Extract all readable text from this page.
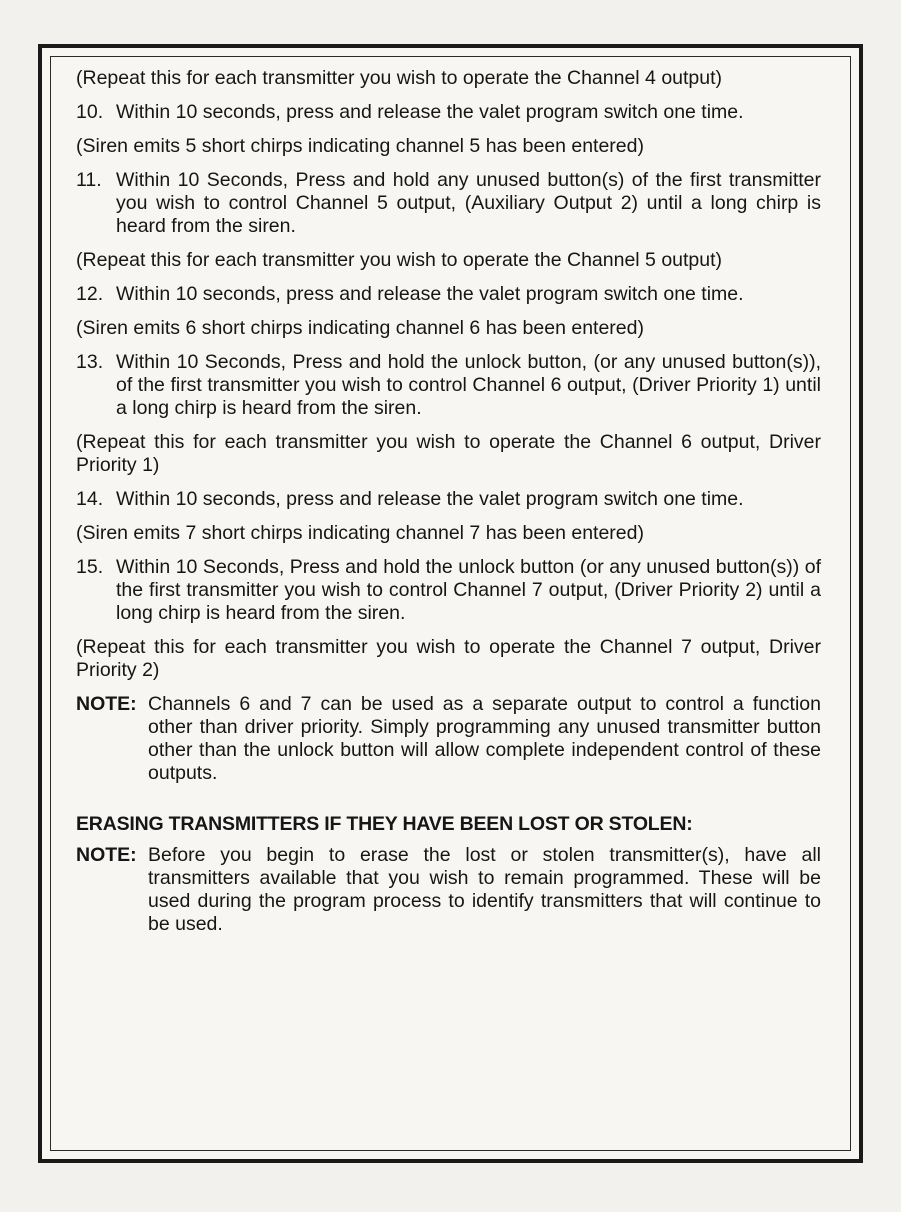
(Repeat this for each transmitter you wish to operate the Channel 4 output)
10. Within 10 seconds, press and release the valet program switch one time.
(Siren emits 5 short chirps indicating channel 5 has been entered)
11. Within 10 Seconds, Press and hold any unused button(s) of the first transmitter you wish to control Channel 5 output, (Auxiliary Output 2) until a long chirp is heard from the siren.
(Repeat this for each transmitter you wish to operate the Channel 5 output)
12. Within 10 seconds, press and release the valet program switch one time.
(Siren emits 6 short chirps indicating channel 6 has been entered)
13. Within 10 Seconds, Press and hold the unlock button, (or any unused button(s)), of the first transmitter you wish to control Channel 6 output, (Driver Priority 1) until a long chirp is heard from the siren.
(Repeat this for each transmitter you wish to operate the Channel 6 output, Driver Priority 1)
14. Within 10 seconds, press and release the valet program switch one time.
(Siren emits 7 short chirps indicating channel 7 has been entered)
15. Within 10 Seconds, Press and hold the unlock button (or any unused button(s)) of the first transmitter you wish to control Channel 7 output, (Driver Priority 2) until a long chirp is heard from the siren.
(Repeat this for each transmitter you wish to operate the Channel 7 output, Driver Priority 2)
NOTE: Channels 6 and 7 can be used as a separate output to control a function other than driver priority. Simply programming any unused transmitter button other than the unlock button will allow complete independent control of these outputs.
ERASING TRANSMITTERS IF THEY HAVE BEEN LOST OR STOLEN:
NOTE: Before you begin to erase the lost or stolen transmitter(s), have all transmitters available that you wish to remain programmed. These will be used during the program process to identify transmitters that will continue to be used.
